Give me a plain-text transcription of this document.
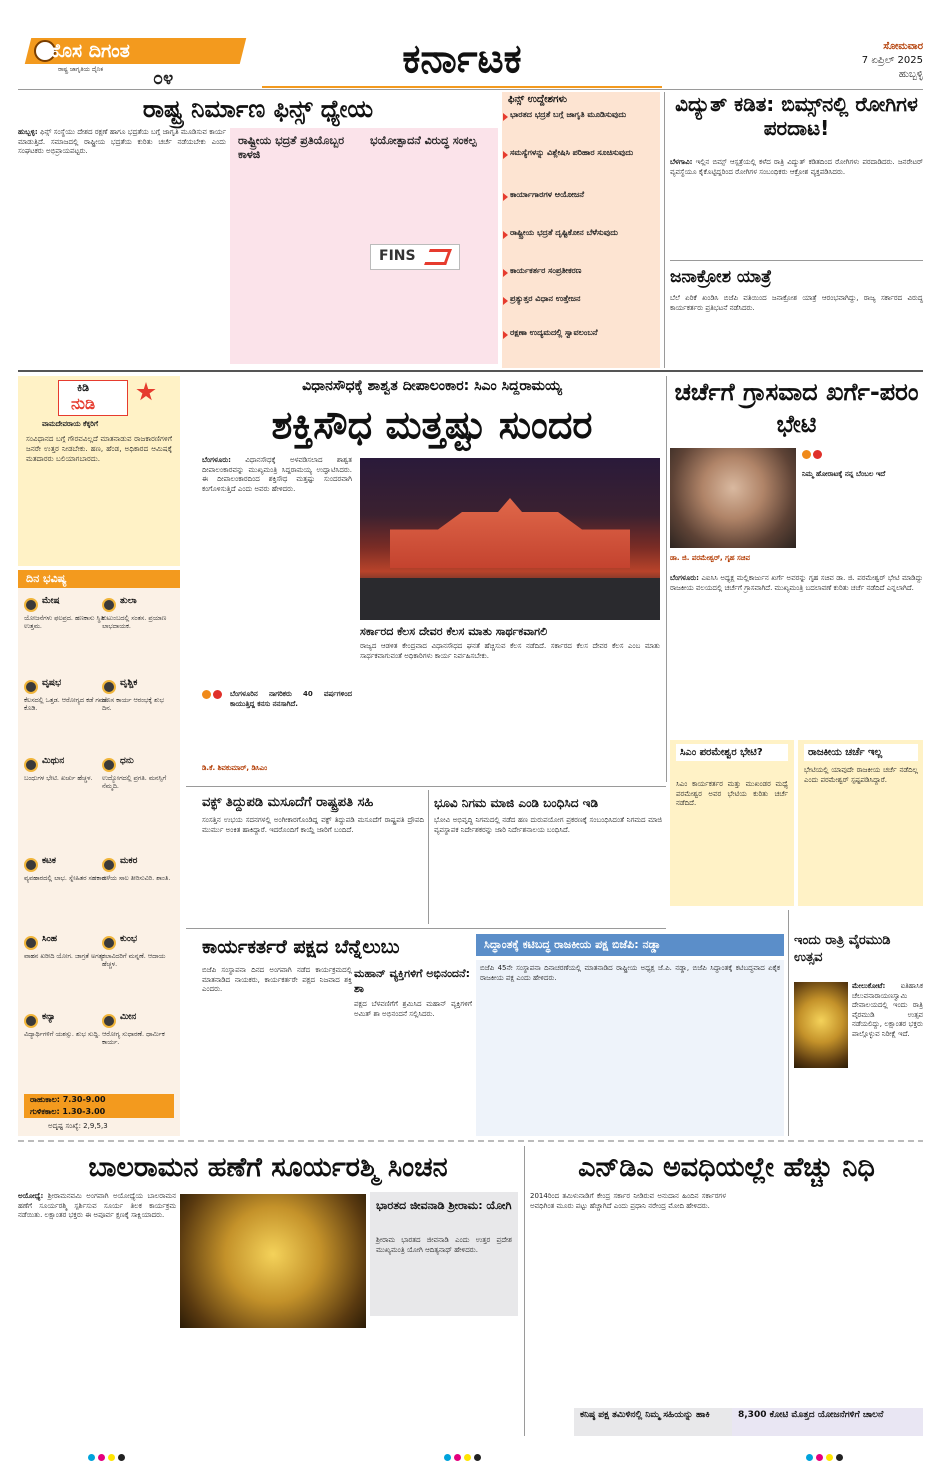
ಹೊಸ ದಿಗಂತ
ರಾಷ್ಟ್ರ ಜಾಗೃತಿಯ ದೈನಿಕ	೦೪	ಕರ್ನಾಟಕ	ಸೋಮವಾರ
7 ಏಪ್ರಿಲ್ 2025
ಹುಬ್ಬಳ್ಳಿ
ರಾಷ್ಟ್ರ ನಿರ್ಮಾಣ ಫಿನ್ಸ್ ಧ್ಯೇಯ
ಹುಬ್ಬಳ್ಳಿ: ಫಿನ್ಸ್ ಸಂಸ್ಥೆಯು ದೇಶದ ರಕ್ಷಣೆ ಹಾಗೂ ಭದ್ರತೆಯ ಬಗ್ಗೆ ಜಾಗೃತಿ ಮೂಡಿಸುವ ಕಾರ್ಯ ಮಾಡುತ್ತಿದೆ. ಸಮಾಜದಲ್ಲಿ ರಾಷ್ಟ್ರೀಯ ಭದ್ರತೆಯ ಕುರಿತು ಚರ್ಚೆ ನಡೆಯಬೇಕು ಎಂದು ಸಂಘಟಕರು ಅಭಿಪ್ರಾಯಪಟ್ಟರು.
ರಾಷ್ಟ್ರೀಯ ಭದ್ರತೆ ಪ್ರತಿಯೊಬ್ಬರ ಕಾಳಜಿ
ಭಯೋತ್ಪಾದನೆ ವಿರುದ್ಧ ಸಂಕಲ್ಪ
FINS
ಫಿನ್ಸ್ ಉದ್ದೇಶಗಳು
ಭಾರತದ ಭದ್ರತೆ ಬಗ್ಗೆ ಜಾಗೃತಿ ಮೂಡಿಸುವುದು
ಸಮಸ್ಯೆಗಳನ್ನು ವಿಶ್ಲೇಷಿಸಿ ಪರಿಹಾರ ಸೂಚಿಸುವುದು
ಕಾರ್ಯಾಗಾರಗಳ ಆಯೋಜನೆ
ರಾಷ್ಟ್ರೀಯ ಭದ್ರತೆ ದೃಷ್ಟಿಕೋನ ಬೆಳೆಸುವುದು
ಕಾರ್ಯಕರ್ತರ ಸಂಪ್ರತೀಕರಣ
ಪ್ರತ್ಯುತ್ತರ ವಿಧಾನ ಉತ್ತೇಜನ
ರಕ್ಷಣಾ ಉದ್ಯಮದಲ್ಲಿ ಸ್ವಾವಲಂಬನೆ
ವಿದ್ಯುತ್ ಕಡಿತ: ಬಿಮ್ಸ್‌ನಲ್ಲಿ ರೋಗಿಗಳ ಪರದಾಟ!
ಬೆಳಗಾವಿ: ಇಲ್ಲಿನ ಬಿಮ್ಸ್ ಆಸ್ಪತ್ರೆಯಲ್ಲಿ ಕಳೆದ ರಾತ್ರಿ ವಿದ್ಯುತ್ ಕಡಿತದಿಂದ ರೋಗಿಗಳು ಪರದಾಡಿದರು. ಜನರೇಟರ್ ವ್ಯವಸ್ಥೆಯೂ ಕೈಕೊಟ್ಟಿದ್ದರಿಂದ ರೋಗಿಗಳ ಸಂಬಂಧಿಕರು ಆಕ್ರೋಶ ವ್ಯಕ್ತಪಡಿಸಿದರು.
ಜನಾಕ್ರೋಶ ಯಾತ್ರೆ
ಬೆಲೆ ಏರಿಕೆ ಖಂಡಿಸಿ ಬಿಜೆಪಿ ವತಿಯಿಂದ ಜನಾಕ್ರೋಶ ಯಾತ್ರೆ ಆರಂಭವಾಗಿದ್ದು, ರಾಜ್ಯ ಸರ್ಕಾರದ ವಿರುದ್ಧ ಕಾರ್ಯಕರ್ತರು ಪ್ರತಿಭಟನೆ ನಡೆಸಿದರು.
ಕಿಡಿ
ನುಡಿ
ವಾಮದೇವರಾಯ ಕೆಕ್ಕರಿಗೆ
ಸಂವಿಧಾನದ ಬಗ್ಗೆ ಗೌರವವಿಲ್ಲದೆ ಮಾತನಾಡುವ ರಾಜಕಾರಣಿಗಳಿಗೆ ಜನರೇ ಉತ್ತರ ನೀಡಬೇಕು. ಹಣ, ಹೆಂಡ, ಅಧಿಕಾರದ ಆಮಿಷಕ್ಕೆ ಮತದಾರರು ಬಲಿಯಾಗಬಾರದು.
ದಿನ ಭವಿಷ್ಯ
ಮೇಷ
ಯೋಜನೆಗಳು ಫಲಪ್ರದ. ಹಣಕಾಸು ಸ್ಥಿತಿ ಉತ್ತಮ.
ತುಲಾ
ಕುಟುಂಬದಲ್ಲಿ ಸಂತಸ. ಪ್ರಯಾಣ ಲಾಭದಾಯಕ.
ವೃಷಭ
ಕೆಲಸದಲ್ಲಿ ಒತ್ತಡ. ಆರೋಗ್ಯದ ಕಡೆ ಗಮನ ಕೊಡಿ.
ವೃಶ್ಚಿಕ
ಹೊಸ ಕಾರ್ಯ ಆರಂಭಕ್ಕೆ ಶುಭ ದಿನ.
ಮಿಥುನ
ಬಂಧುಗಳ ಭೇಟಿ. ಖರ್ಚು ಹೆಚ್ಚಳ.
ಧನು
ಉದ್ಯೋಗದಲ್ಲಿ ಪ್ರಗತಿ. ಮನಸ್ಸಿಗೆ ನೆಮ್ಮದಿ.
ಕಟಕ
ವ್ಯವಹಾರದಲ್ಲಿ ಲಾಭ. ಸ್ನೇಹಿತರ ಸಹಕಾರ.
ಮಕರ
ಹಳೆಯ ಸಾಲ ತೀರಿಸುವಿರಿ. ಶಾಂತಿ.
ಸಿಂಹ
ವಾಹನ ಖರೀದಿ ಯೋಗ. ಜಾಗ್ರತೆ ಅಗತ್ಯ.
ಕುಂಭ
ಕಲಾವಿದರಿಗೆ ಮನ್ನಣೆ. ಆದಾಯ ಹೆಚ್ಚಳ.
ಕನ್ಯಾ
ವಿದ್ಯಾರ್ಥಿಗಳಿಗೆ ಯಶಸ್ಸು. ಶುಭ ಸುದ್ದಿ.
ಮೀನ
ಆರೋಗ್ಯ ಸುಧಾರಣೆ. ಧಾರ್ಮಿಕ ಕಾರ್ಯ.
ರಾಹುಕಾಲ: 7.30-9.00
ಗುಳಿಕಕಾಲ: 1.30-3.00
ಅದೃಷ್ಟ ಸಂಖ್ಯೆ: 2,9,5,3
ವಿಧಾನಸೌಧಕ್ಕೆ ಶಾಶ್ವತ ದೀಪಾಲಂಕಾರ: ಸಿಎಂ ಸಿದ್ದರಾಮಯ್ಯ
ಶಕ್ತಿಸೌಧ ಮತ್ತಷ್ಟು ಸುಂದರ
ಬೆಂಗಳೂರು: ವಿಧಾನಸೌಧಕ್ಕೆ ಅಳವಡಿಸಲಾದ ಶಾಶ್ವತ ದೀಪಾಲಂಕಾರವನ್ನು ಮುಖ್ಯಮಂತ್ರಿ ಸಿದ್ದರಾಮಯ್ಯ ಉದ್ಘಾಟಿಸಿದರು. ಈ ದೀಪಾಲಂಕಾರದಿಂದ ಶಕ್ತಿಸೌಧ ಮತ್ತಷ್ಟು ಸುಂದರವಾಗಿ ಕಂಗೊಳಿಸುತ್ತಿದೆ ಎಂದು ಅವರು ಹೇಳಿದರು.

ಬೆಂಗಳೂರಿನ ನಾಗರಿಕರು 40 ವರ್ಷಗಳಿಂದ ಕಾಯುತ್ತಿದ್ದ ಕನಸು ನನಸಾಗಿದೆ.

ಡಿ.ಕೆ. ಶಿವಕುಮಾರ್, ಡಿಸಿಎಂ

ಸರ್ಕಾರದ ಕೆಲಸ ದೇವರ ಕೆಲಸ ಮಾತು ಸಾರ್ಥಕವಾಗಲಿ
ರಾಜ್ಯದ ಆಡಳಿತ ಕೇಂದ್ರವಾದ ವಿಧಾನಸೌಧದ ಘನತೆ ಹೆಚ್ಚಿಸುವ ಕೆಲಸ ನಡೆದಿದೆ. ಸರ್ಕಾರದ ಕೆಲಸ ದೇವರ ಕೆಲಸ ಎಂಬ ಮಾತು ಸಾರ್ಥಕವಾಗುವಂತೆ ಅಧಿಕಾರಿಗಳು ಕಾರ್ಯ ನಿರ್ವಹಿಸಬೇಕು.
ಚರ್ಚೆಗೆ ಗ್ರಾಸವಾದ ಖರ್ಗೆ-ಪರಂ ಭೇಟಿ
ನಿಮ್ಮ ಹೋರಾಟಕ್ಕೆ ನನ್ನ ಬೆಂಬಲ ಇದೆ
ಡಾ. ಜಿ. ಪರಮೇಶ್ವರ್, ಗೃಹ ಸಚಿವ
ಬೆಂಗಳೂರು: ಎಐಸಿಸಿ ಅಧ್ಯಕ್ಷ ಮಲ್ಲಿಕಾರ್ಜುನ ಖರ್ಗೆ ಅವರನ್ನು ಗೃಹ ಸಚಿವ ಡಾ. ಜಿ. ಪರಮೇಶ್ವರ್ ಭೇಟಿ ಮಾಡಿದ್ದು ರಾಜಕೀಯ ವಲಯದಲ್ಲಿ ಚರ್ಚೆಗೆ ಗ್ರಾಸವಾಗಿದೆ. ಮುಖ್ಯಮಂತ್ರಿ ಬದಲಾವಣೆ ಕುರಿತು ಚರ್ಚೆ ನಡೆದಿದೆ ಎನ್ನಲಾಗಿದೆ.
ಸಿಎಂ ಪರಮೇಶ್ವರ ಭೇಟಿ?
ಸಿಎಂ ಕಾರ್ಯಕರ್ತರ ಮತ್ತು ಮುಖಂಡರ ಮಧ್ಯೆ ಪರಮೇಶ್ವರ ಅವರ ಭೇಟಿಯ ಕುರಿತು ಚರ್ಚೆ ನಡೆದಿದೆ.
ರಾಜಕೀಯ ಚರ್ಚೆ ಇಲ್ಲ
ಭೇಟಿಯಲ್ಲಿ ಯಾವುದೇ ರಾಜಕೀಯ ಚರ್ಚೆ ನಡೆದಿಲ್ಲ ಎಂದು ಪರಮೇಶ್ವರ್ ಸ್ಪಷ್ಟಪಡಿಸಿದ್ದಾರೆ.
ವಕ್ಫ್ ತಿದ್ದುಪಡಿ ಮಸೂದೆಗೆ ರಾಷ್ಟ್ರಪತಿ ಸಹಿ
ಸಂಸತ್ತಿನ ಉಭಯ ಸದನಗಳಲ್ಲಿ ಅಂಗೀಕಾರಗೊಂಡಿದ್ದ ವಕ್ಫ್ ತಿದ್ದುಪಡಿ ಮಸೂದೆಗೆ ರಾಷ್ಟ್ರಪತಿ ದ್ರೌಪದಿ ಮುರ್ಮು ಅಂಕಿತ ಹಾಕಿದ್ದಾರೆ. ಇದರೊಂದಿಗೆ ಕಾಯ್ದೆ ಜಾರಿಗೆ ಬಂದಿದೆ.
ಭೂವಿ ನಿಗಮ ಮಾಜಿ ಎಂಡಿ ಬಂಧಿಸಿದ ಇಡಿ
ಭೋವಿ ಅಭಿವೃದ್ಧಿ ನಿಗಮದಲ್ಲಿ ನಡೆದ ಹಣ ದುರುಪಯೋಗ ಪ್ರಕರಣಕ್ಕೆ ಸಂಬಂಧಿಸಿದಂತೆ ನಿಗಮದ ಮಾಜಿ ವ್ಯವಸ್ಥಾಪಕ ನಿರ್ದೇಶಕರನ್ನು ಜಾರಿ ನಿರ್ದೇಶನಾಲಯ ಬಂಧಿಸಿದೆ.
ಕಾರ್ಯಕರ್ತರೆ ಪಕ್ಷದ ಬೆನ್ನೆಲುಬು
ಬಿಜೆಪಿ ಸಂಸ್ಥಾಪನಾ ದಿನದ ಅಂಗವಾಗಿ ನಡೆದ ಕಾರ್ಯಕ್ರಮದಲ್ಲಿ ಮಾತನಾಡಿದ ನಾಯಕರು, ಕಾರ್ಯಕರ್ತರೇ ಪಕ್ಷದ ನಿಜವಾದ ಶಕ್ತಿ ಎಂದರು.
ಮಹಾನ್ ವ್ಯಕ್ತಿಗಳಿಗೆ ಅಭಿನಂದನೆ: ಶಾ
ಪಕ್ಷದ ಬೆಳವಣಿಗೆಗೆ ಶ್ರಮಿಸಿದ ಮಹಾನ್ ವ್ಯಕ್ತಿಗಳಿಗೆ ಅಮಿತ್ ಶಾ ಅಭಿನಂದನೆ ಸಲ್ಲಿಸಿದರು.
ಸಿದ್ಧಾಂತಕ್ಕೆ ಕಟಿಬದ್ಧ ರಾಜಕೀಯ ಪಕ್ಷ ಬಿಜೆಪಿ: ನಡ್ಡಾ
ಬಿಜೆಪಿ 45ನೇ ಸಂಸ್ಥಾಪನಾ ದಿನಾಚರಣೆಯಲ್ಲಿ ಮಾತನಾಡಿದ ರಾಷ್ಟ್ರೀಯ ಅಧ್ಯಕ್ಷ ಜೆ.ಪಿ. ನಡ್ಡಾ, ಬಿಜೆಪಿ ಸಿದ್ಧಾಂತಕ್ಕೆ ಕಟಿಬದ್ಧವಾದ ಏಕೈಕ ರಾಜಕೀಯ ಪಕ್ಷ ಎಂದು ಹೇಳಿದರು.
ಇಂದು ರಾತ್ರಿ ವೈರಮುಡಿ ಉತ್ಸವ
ಮೇಲುಕೋಟೆ: ಐತಿಹಾಸಿಕ ಚೆಲುವನಾರಾಯಣಸ್ವಾಮಿ ದೇವಾಲಯದಲ್ಲಿ ಇಂದು ರಾತ್ರಿ ವೈರಮುಡಿ ಉತ್ಸವ ನಡೆಯಲಿದ್ದು, ಲಕ್ಷಾಂತರ ಭಕ್ತರು ಪಾಲ್ಗೊಳ್ಳುವ ನಿರೀಕ್ಷೆ ಇದೆ.
ಬಾಲರಾಮನ ಹಣೆಗೆ ಸೂರ್ಯರಶ್ಮಿ ಸಿಂಚನ
ಅಯೋಧ್ಯೆ: ಶ್ರೀರಾಮನವಮಿ ಅಂಗವಾಗಿ ಅಯೋಧ್ಯೆಯ ಬಾಲರಾಮನ ಹಣೆಗೆ ಸೂರ್ಯರಶ್ಮಿ ಸ್ಪರ್ಶಿಸುವ ಸೂರ್ಯ ತಿಲಕ ಕಾರ್ಯಕ್ರಮ ನಡೆಯಿತು. ಲಕ್ಷಾಂತರ ಭಕ್ತರು ಈ ಅಪೂರ್ವ ಕ್ಷಣಕ್ಕೆ ಸಾಕ್ಷಿಯಾದರು.
ಭಾರತದ ಜೀವನಾಡಿ ಶ್ರೀರಾಮ: ಯೋಗಿ
ಶ್ರೀರಾಮ ಭಾರತದ ಜೀವನಾಡಿ ಎಂದು ಉತ್ತರ ಪ್ರದೇಶ ಮುಖ್ಯಮಂತ್ರಿ ಯೋಗಿ ಆದಿತ್ಯನಾಥ್ ಹೇಳಿದರು.
ಎನ್‌ಡಿಎ ಅವಧಿಯಲ್ಲೇ ಹೆಚ್ಚು ನಿಧಿ
2014ರಿಂದ ತಮಿಳುನಾಡಿಗೆ ಕೇಂದ್ರ ಸರ್ಕಾರ ನೀಡಿರುವ ಅನುದಾನ ಹಿಂದಿನ ಸರ್ಕಾರಗಳ ಅವಧಿಗಿಂತ ಮೂರು ಪಟ್ಟು ಹೆಚ್ಚಾಗಿದೆ ಎಂದು ಪ್ರಧಾನಿ ನರೇಂದ್ರ ಮೋದಿ ಹೇಳಿದರು.
ಕನಿಷ್ಠ ಪಕ್ಷ ತಮಿಳಿನಲ್ಲಿ ನಿಮ್ಮ ಸಹಿಯನ್ನು ಹಾಕಿ	8,300 ಕೋಟಿ ಮೊತ್ತದ ಯೋಜನೆಗಳಿಗೆ ಚಾಲನೆ
